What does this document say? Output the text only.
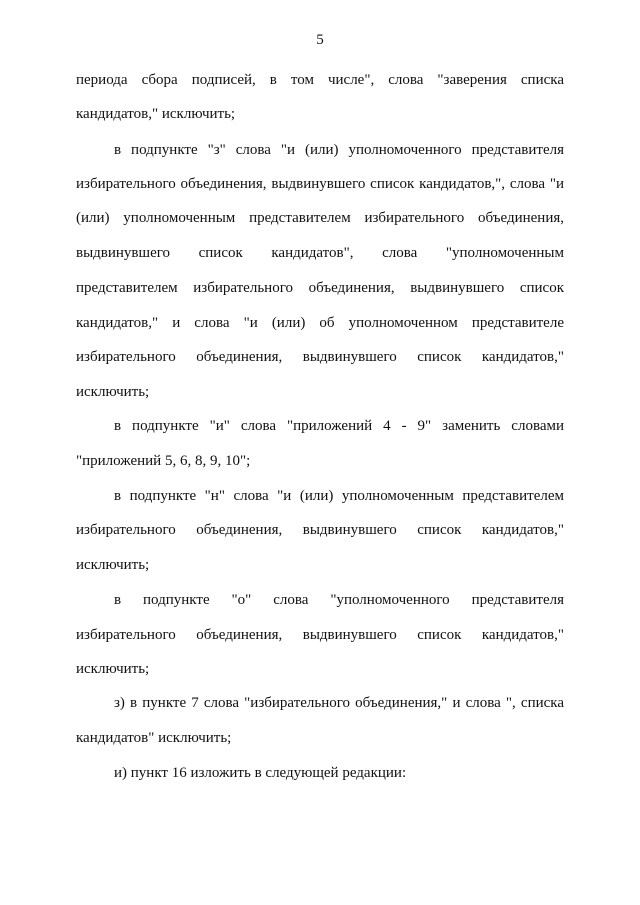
5
периода сбора подписей, в том числе", слова "заверения списка
кандидатов," исключить;
в подпункте "з" слова "и (или) уполномоченного представителя
избирательного объединения, выдвинувшего список кандидатов,", слова "и
(или) уполномоченным представителем избирательного объединения,
выдвинувшего список кандидатов", слова "уполномоченным
представителем избирательного объединения, выдвинувшего список
кандидатов," и слова "и (или) об уполномоченном представителе
избирательного объединения, выдвинувшего список кандидатов,"
исключить;
в подпункте "и" слова "приложений 4 - 9" заменить словами
"приложений 5, 6, 8, 9, 10";
в подпункте "н" слова "и (или) уполномоченным представителем
избирательного объединения, выдвинувшего список кандидатов,"
исключить;
в подпункте "о" слова "уполномоченного представителя
избирательного объединения, выдвинувшего список кандидатов,"
исключить;
з) в пункте 7 слова "избирательного объединения," и слова ", списка
кандидатов" исключить;
и) пункт 16 изложить в следующей редакции:
